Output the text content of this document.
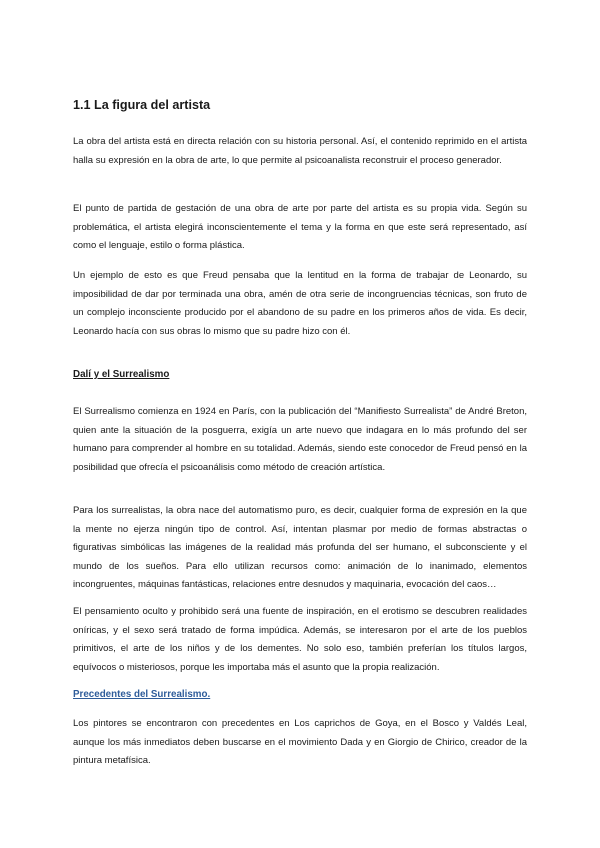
1.1 La figura del artista

La obra del artista está en directa relación con su historia personal. Así, el contenido reprimido en el artista halla su expresión en la obra de arte, lo que permite al psicoanalista reconstruir el proceso generador.

El punto de partida de gestación de una obra de arte por parte del artista es su propia vida. Según su problemática, el artista elegirá inconscientemente el tema y la forma en que este será representado, así como el lenguaje, estilo o forma plástica.

Un ejemplo de esto es que Freud pensaba que la lentitud en la forma de trabajar de Leonardo, su imposibilidad de dar por terminada una obra, amén de otra serie de incongruencias técnicas, son fruto de un complejo inconsciente producido por el abandono de su padre en los primeros años de vida. Es decir, Leonardo hacía con sus obras lo mismo que su padre hizo con él.

Dalí y el Surrealismo

El Surrealismo comienza en 1924 en París, con la publicación del “Manifiesto Surrealista” de André Breton, quien ante la situación de la posguerra, exigía un arte nuevo que indagara en lo más profundo del ser humano para comprender al hombre en su totalidad. Además, siendo este conocedor de Freud pensó en la posibilidad que ofrecía el psicoanálisis como método de creación artística.

Para los surrealistas, la obra nace del automatismo puro, es decir, cualquier forma de expresión en la que la mente no ejerza ningún tipo de control. Así, intentan plasmar por medio de formas abstractas o figurativas simbólicas las imágenes de la realidad más profunda del ser humano, el subconsciente y el mundo de los sueños. Para ello utilizan recursos como: animación de lo inanimado, elementos incongruentes, máquinas fantásticas, relaciones entre desnudos y maquinaria, evocación del caos…

El pensamiento oculto y prohibido será una fuente de inspiración, en el erotismo se descubren realidades oníricas, y el sexo será tratado de forma impúdica. Además, se interesaron por el arte de los pueblos primitivos, el arte de los niños y de los dementes. No solo eso, también preferían los títulos largos, equívocos o misteriosos, porque les importaba más el asunto que la propia realización.

Precedentes del Surrealismo.

Los pintores se encontraron con precedentes en Los caprichos de Goya, en el Bosco y Valdés Leal, aunque los más inmediatos deben buscarse en el movimiento Dada y en Giorgio de Chirico, creador de la pintura metafísica.
